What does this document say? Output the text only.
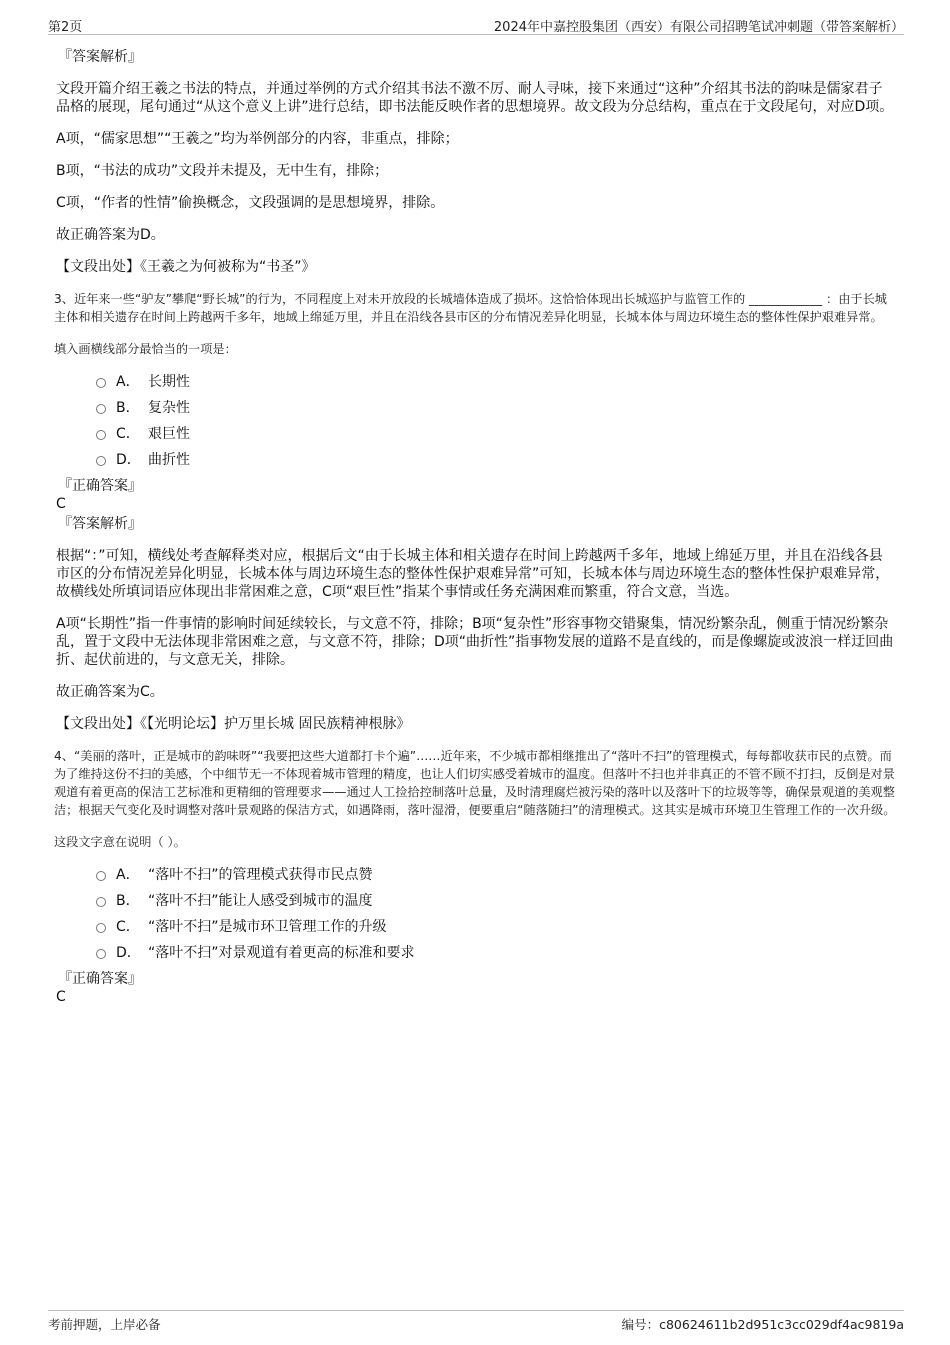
第2页	2024年中嘉控股集团（西安）有限公司招聘笔试冲刺题（带答案解析）

『答案解析』

文段开篇介绍王羲之书法的特点，并通过举例的方式介绍其书法不激不厉、耐人寻味，接下来通过“这种”介绍其书法的韵味是儒家君子品格的展现，尾句通过“从这个意义上讲”进行总结，即书法能反映作者的思想境界。故文段为分总结构，重点在于文段尾句，对应D项。

A项，“儒家思想”“王羲之”均为举例部分的内容，非重点，排除；

B项，“书法的成功”文段并未提及，无中生有，排除；

C项，“作者的性情”偷换概念，文段强调的是思想境界，排除。

故正确答案为D。

【文段出处】《王羲之为何被称为“书圣”》

3、近年来一些“驴友”攀爬“野长城”的行为，不同程度上对未开放段的长城墙体造成了损坏。这恰恰体现出长城巡护与监管工作的 ____________ ：由于长城主体和相关遗存在时间上跨越两千多年，地域上绵延万里，并且在沿线各县市区的分布情况差异化明显，长城本体与周边环境生态的整体性保护艰难异常。

填入画横线部分最恰当的一项是：

A． 长期性
B． 复杂性
C． 艰巨性
D． 曲折性

『正确答案』

C

『答案解析』

根据“：”可知，横线处考查解释类对应，根据后文“由于长城主体和相关遗存在时间上跨越两千多年，地域上绵延万里，并且在沿线各县市区的分布情况差异化明显，长城本体与周边环境生态的整体性保护艰难异常”可知，长城本体与周边环境生态的整体性保护艰难异常，故横线处所填词语应体现出非常困难之意，C项“艰巨性”指某个事情或任务充满困难而繁重，符合文意，当选。

A项“长期性”指一件事情的影响时间延续较长，与文意不符，排除；B项“复杂性”形容事物交错聚集，情况纷繁杂乱，侧重于情况纷繁杂乱，置于文段中无法体现非常困难之意，与文意不符，排除；D项“曲折性”指事物发展的道路不是直线的，而是像螺旋或波浪一样迂回曲折、起伏前进的，与文意无关，排除。

故正确答案为C。

【文段出处】《【光明论坛】护万里长城 固民族精神根脉》

4、“美丽的落叶，正是城市的韵味呀”“我要把这些大道都打卡个遍”……近年来，不少城市都相继推出了“落叶不扫”的管理模式，每每都收获市民的点赞。而为了维持这份不扫的美感，个中细节无一不体现着城市管理的精度，也让人们切实感受着城市的温度。但落叶不扫也并非真正的不管不顾不打扫，反倒是对景观道有着更高的保洁工艺标准和更精细的管理要求——通过人工捡拾控制落叶总量，及时清理腐烂被污染的落叶以及落叶下的垃圾等等，确保景观道的美观整洁；根据天气变化及时调整对落叶景观路的保洁方式，如遇降雨，落叶湿滑，便要重启“随落随扫”的清理模式。这其实是城市环境卫生管理工作的一次升级。

这段文字意在说明（ ）。

A． “落叶不扫”的管理模式获得市民点赞
B． “落叶不扫”能让人感受到城市的温度
C． “落叶不扫”是城市环卫管理工作的升级
D． “落叶不扫”对景观道有着更高的标准和要求

『正确答案』

C

考前押题，上岸必备	编号：c80624611b2d951c3cc029df4ac9819a
